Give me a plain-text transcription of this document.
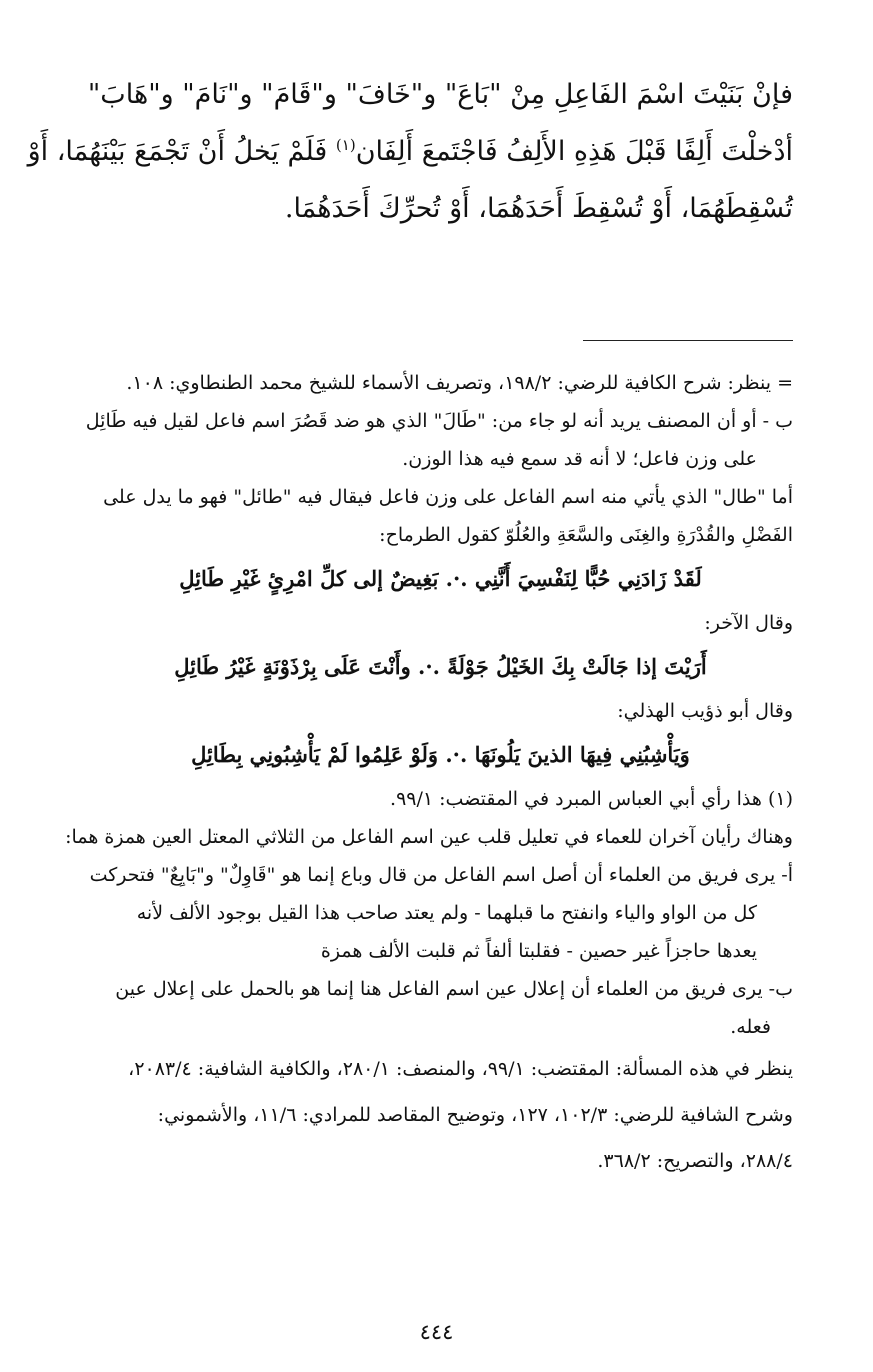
فإنْ بَنَيْتَ اسْمَ الفَاعِلِ مِنْ "بَاعَ" و"خَافَ" و"قَامَ" و"نَامَ" و"هَابَ"
أدْخلْتَ أَلِفًا قَبْلَ هَذِهِ الأَلِفُ فَاجْتَمعَ أَلِفَان$^{(١)}$ فَلَمْ يَخلُ أَنْ تَجْمَعَ بَيْنَهُمَا، أَوْ
تُسْقِطَهُمَا، أَوْ تُسْقِطَ أَحَدَهُمَا، أَوْ تُحرِّكَ أَحَدَهُمَا.
= ينظر: شرح الكافية للرضي: ١٩٨/٢، وتصريف الأسماء للشيخ محمد الطنطاوي: ١٠٨.
ب - أو أن المصنف يريد أنه لو جاء من: "طَالَ" الذي هو ضد قَصُرَ اسم فاعل لقيل فيه طَائِل
على وزن فاعل؛ لا أنه قد سمع فيه هذا الوزن.
أما "طال" الذي يأتي منه اسم الفاعل على وزن فاعل فيقال فيه "طائل" فهو ما يدل على
الفَضْلِ والقُدْرَةِ والغِنَى والسَّعَةِ والعُلُوّ كقول الطرماح:
لَقَدْ زَادَنِي حُبًّا لِنَفْسِيَ أَنَّنِي .·. بَغِيضٌ إلى كلِّ امْرِئٍ غَيْرِ طَائِلِ
وقال الآخر:
أَرَيْتَ إذا جَالَتْ بِكَ الخَيْلُ جَوْلَةً .·. وأَنْتَ عَلَى بِرْذَوْنَةٍ غَيْرُ طَائِلِ
وقال أبو ذؤيب الهذلي:
وَيَأْشِبُنِي فِيهَا الذينَ يَلُونَهَا .·. وَلَوْ عَلِمُوا لَمْ يَأْشِبُونِي بِطَائِلِ
(١) هذا رأي أبي العباس المبرد في المقتضب: ٩٩/١.
وهناك رأيان آخران للعماء في تعليل قلب عين اسم الفاعل من الثلاثي المعتل العين همزة هما:
أ- يرى فريق من العلماء أن أصل اسم الفاعل من قال وباع إنما هو "قَاوِلٌ" و"بَايِعٌ" فتحركت
كل من الواو والياء وانفتح ما قبلهما - ولم يعتد صاحب هذا القيل بوجود الألف لأنه
يعدها حاجزاً غير حصين - فقلبتا ألفاً ثم قلبت الألف همزة
ب- يرى فريق من العلماء أن إعلال عين اسم الفاعل هنا إنما هو بالحمل على إعلال عين
فعله.
ينظر في هذه المسألة: المقتضب: ٩٩/١، والمنصف: ٢٨٠/١، والكافية الشافية: ٢٠٨٣/٤،
وشرح الشافية للرضي: ١٠٢/٣، ١٢٧، وتوضيح المقاصد للمرادي: ١١/٦، والأشموني:
٢٨٨/٤، والتصريح: ٣٦٨/٢.
٤٤٤
